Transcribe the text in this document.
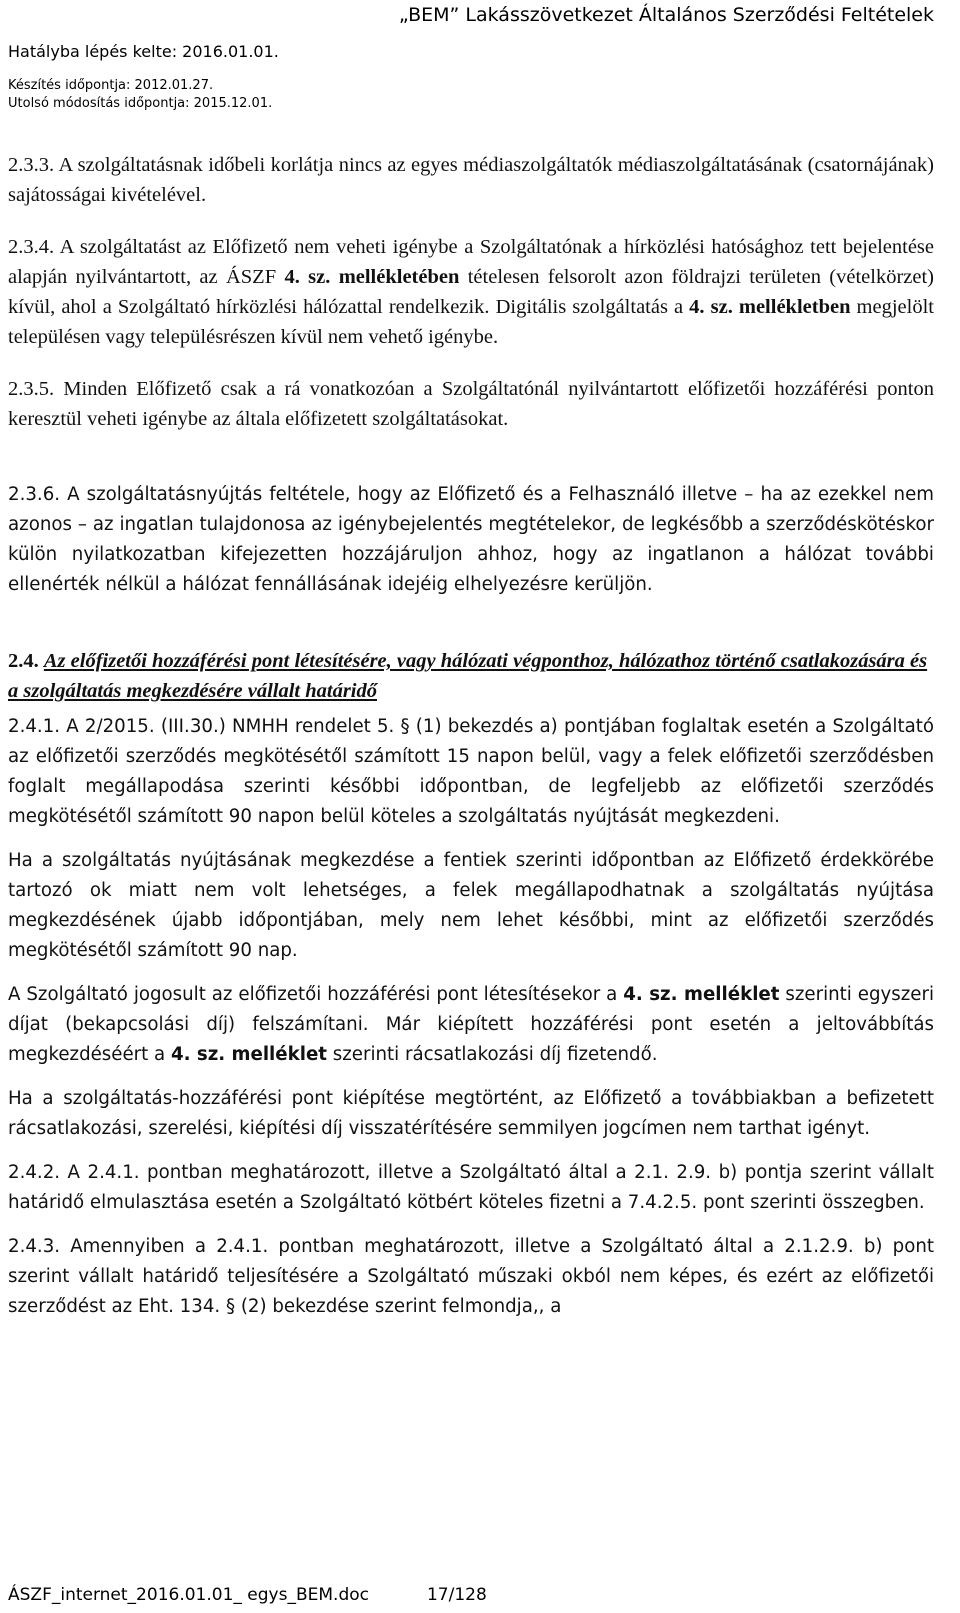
„BEM” Lakásszövetkezet Általános Szerződési Feltételek
Hatályba lépés kelte: 2016.01.01.
Készítés időpontja: 2012.01.27.
Utolsó módosítás időpontja: 2015.12.01.

2.3.3. A szolgáltatásnak időbeli korlátja nincs az egyes médiaszolgáltatók médiaszolgáltatásának (csatornájának) sajátosságai kivételével.

2.3.4. A szolgáltatást az Előfizető nem veheti igénybe a Szolgáltatónak a hírközlési hatósághoz tett bejelentése alapján nyilvántartott, az ÁSZF 4. sz. mellékletében tételesen felsorolt azon földrajzi területen (vételkörzet) kívül, ahol a Szolgáltató hírközlési hálózattal rendelkezik. Digitális szolgáltatás a 4. sz. mellékletben megjelölt településen vagy településrészen kívül nem vehető igénybe.

2.3.5. Minden Előfizető csak a rá vonatkozóan a Szolgáltatónál nyilvántartott előfizetői hozzáférési ponton keresztül veheti igénybe az általa előfizetett szolgáltatásokat.

2.3.6. A szolgáltatásnyújtás feltétele, hogy az Előfizető és a Felhasználó illetve – ha az ezekkel nem azonos – az ingatlan tulajdonosa az igénybejelentés megtételekor, de legkésőbb a szerződéskötéskor külön nyilatkozatban kifejezetten hozzájáruljon ahhoz, hogy az ingatlanon a hálózat további ellenérték nélkül a hálózat fennállásának idejéig elhelyezésre kerüljön.

2.4. Az előfizetői hozzáférési pont létesítésére, vagy hálózati végponthoz, hálózathoz történő csatlakozására és a szolgáltatás megkezdésére vállalt határidő

2.4.1. A 2/2015. (III.30.) NMHH rendelet 5. § (1) bekezdés a) pontjában foglaltak esetén a Szolgáltató az előfizetői szerződés megkötésétől számított 15 napon belül, vagy a felek előfizetői szerződésben foglalt megállapodása szerinti későbbi időpontban, de legfeljebb az előfizetői szerződés megkötésétől számított 90 napon belül köteles a szolgáltatás nyújtását megkezdeni.

Ha a szolgáltatás nyújtásának megkezdése a fentiek szerinti időpontban az Előfizető érdekkörébe tartozó ok miatt nem volt lehetséges, a felek megállapodhatnak a szolgáltatás nyújtása megkezdésének újabb időpontjában, mely nem lehet későbbi, mint az előfizetői szerződés megkötésétől számított 90 nap.

A Szolgáltató jogosult az előfizetői hozzáférési pont létesítésekor a 4. sz. melléklet szerinti egyszeri díjat (bekapcsolási díj) felszámítani. Már kiépített hozzáférési pont esetén a jeltovábbítás megkezdéséért a 4. sz. melléklet szerinti rácsatlakozási díj fizetendő.

Ha a szolgáltatás-hozzáférési pont kiépítése megtörtént, az Előfizető a továbbiakban a befizetett rácsatlakozási, szerelési, kiépítési díj visszatérítésére semmilyen jogcímen nem tarthat igényt.

2.4.2. A 2.4.1. pontban meghatározott, illetve a Szolgáltató által a 2.1. 2.9. b) pontja szerint vállalt határidő elmulasztása esetén a Szolgáltató kötbért köteles fizetni a 7.4.2.5. pont szerinti összegben.

2.4.3. Amennyiben a 2.4.1. pontban meghatározott, illetve a Szolgáltató által a 2.1.2.9. b) pont szerint vállalt határidő teljesítésére a Szolgáltató műszaki okból nem képes, és ezért az előfizetői szerződést az Eht. 134. § (2) bekezdése szerint felmondja,, a

ÁSZF_internet_2016.01.01_ egys_BEM.doc	17/128
